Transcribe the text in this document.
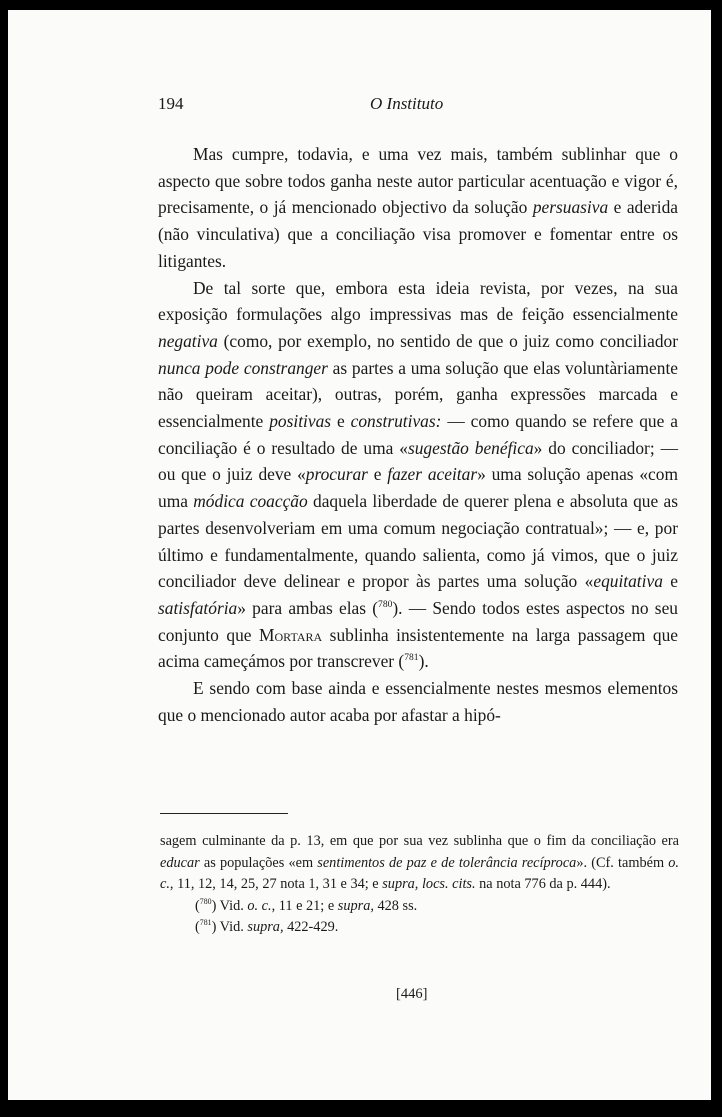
194	O Instituto

Mas cumpre, todavia, e uma vez mais, também sublinhar que o aspecto que sobre todos ganha neste autor particular acentuação e vigor é, precisamente, o já mencionado objectivo da solução persuasiva e aderida (não vinculativa) que a conciliação visa promover e fomentar entre os litigantes.

De tal sorte que, embora esta ideia revista, por vezes, na sua exposição formulações algo impressivas mas de feição essencialmente negativa (como, por exemplo, no sentido de que o juiz como conciliador nunca pode constranger as partes a uma solução que elas voluntàriamente não queiram aceitar), outras, porém, ganha expressões marcada e essencialmente positivas e construtivas: — como quando se refere que a conciliação é o resultado de uma «sugestão benéfica» do conciliador; — ou que o juiz deve «procurar e fazer aceitar» uma solução apenas «com uma módica coacção daquela liberdade de querer plena e absoluta que as partes desenvolveriam em uma comum negociação contratual»; — e, por último e fundamentalmente, quando salienta, como já vimos, que o juiz conciliador deve delinear e propor às partes uma solução «equitativa e satisfatória» para ambas elas ($^{780}$). — Sendo todos estes aspectos no seu conjunto que Mortara sublinha insistentemente na larga passagem que acima cameçámos por transcrever ($^{781}$).

E sendo com base ainda e essencialmente nestes mesmos elementos que o mencionado autor acaba por afastar a hipó-

sagem culminante da p. 13, em que por sua vez sublinha que o fim da conciliação era educar as populações «em sentimentos de paz e de tolerância recíproca». (Cf. também o. c., 11, 12, 14, 25, 27 nota 1, 31 e 34; e supra, locs. cits. na nota 776 da p. 444).

($^{780}$) Vid. o. c., 11 e 21; e supra, 428 ss.

($^{781}$) Vid. supra, 422-429.

[446]
